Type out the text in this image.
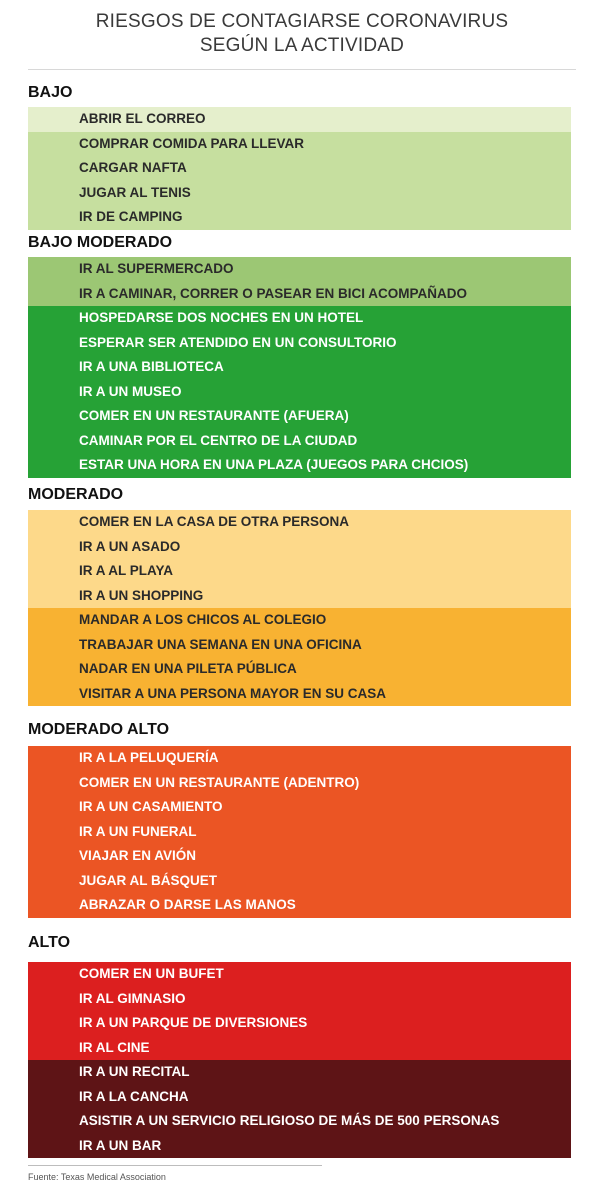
RIESGOS DE CONTAGIARSE CORONAVIRUS
SEGÚN LA ACTIVIDAD
BAJO
ABRIR EL CORREO
COMPRAR COMIDA PARA LLEVAR
CARGAR NAFTA
JUGAR AL TENIS
IR DE CAMPING
BAJO MODERADO
IR AL SUPERMERCADO
IR A CAMINAR, CORRER O PASEAR EN BICI ACOMPAÑADO
HOSPEDARSE DOS NOCHES EN UN HOTEL
ESPERAR SER ATENDIDO EN UN CONSULTORIO
IR A UNA BIBLIOTECA
IR A UN MUSEO
COMER EN UN RESTAURANTE (AFUERA)
CAMINAR POR EL CENTRO DE LA CIUDAD
ESTAR UNA HORA EN UNA PLAZA (JUEGOS PARA CHCIOS)
MODERADO
COMER EN LA CASA DE OTRA PERSONA
IR A UN ASADO
IR A AL PLAYA
IR A UN SHOPPING
MANDAR A LOS CHICOS AL COLEGIO
TRABAJAR UNA SEMANA EN UNA OFICINA
NADAR EN UNA PILETA PÚBLICA
VISITAR A UNA PERSONA MAYOR EN SU CASA
MODERADO ALTO
IR A LA PELUQUERÍA
COMER EN UN RESTAURANTE (ADENTRO)
IR A UN CASAMIENTO
IR A UN FUNERAL
VIAJAR EN AVIÓN
JUGAR AL BÁSQUET
ABRAZAR O DARSE LAS MANOS
ALTO
COMER EN UN BUFET
IR AL GIMNASIO
IR A UN PARQUE DE DIVERSIONES
IR AL CINE
IR A UN RECITAL
IR A LA CANCHA
ASISTIR A UN SERVICIO RELIGIOSO DE MÁS DE 500 PERSONAS
IR A UN BAR
Fuente: Texas Medical Association
